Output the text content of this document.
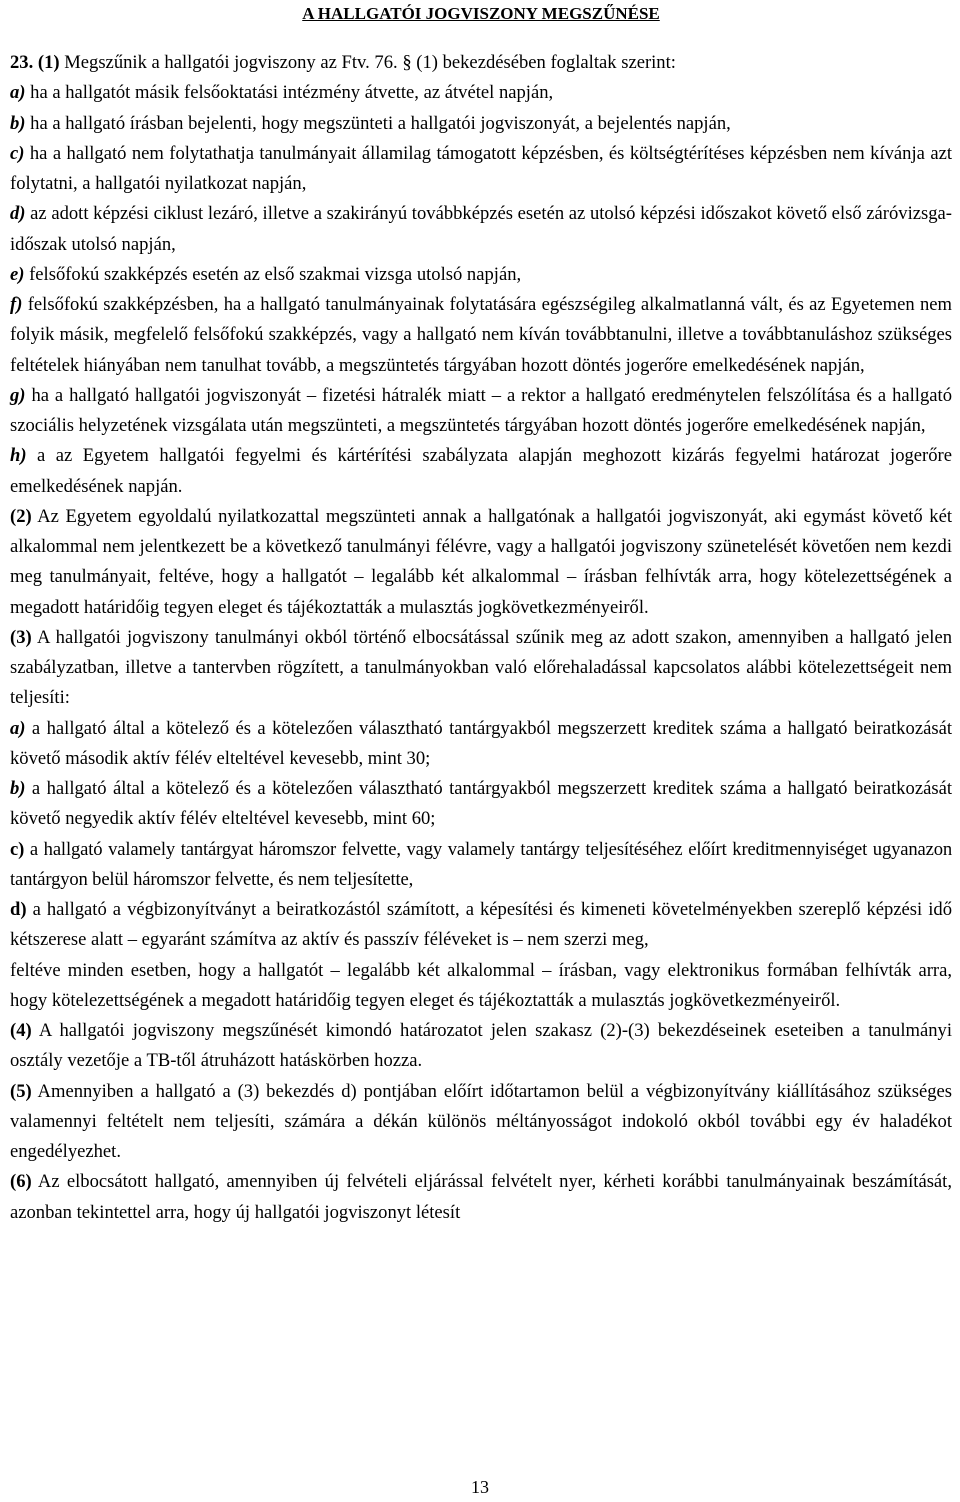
A HALLGATÓI JOGVISZONY MEGSZŰNÉSE

23. (1) Megszűnik a hallgatói jogviszony az Ftv. 76. § (1) bekezdésében foglaltak szerint:

a) ha a hallgatót másik felsőoktatási intézmény átvette, az átvétel napján,

b) ha a hallgató írásban bejelenti, hogy megszünteti a hallgatói jogviszonyát, a bejelentés napján,

c) ha a hallgató nem folytathatja tanulmányait államilag támogatott képzésben, és költségtérítéses képzésben nem kívánja azt folytatni, a hallgatói nyilatkozat napján,

d) az adott képzési ciklust lezáró, illetve a szakirányú továbbképzés esetén az utolsó képzési időszakot követő első záróvizsga-időszak utolsó napján,

e) felsőfokú szakképzés esetén az első szakmai vizsga utolsó napján,

f) felsőfokú szakképzésben, ha a hallgató tanulmányainak folytatására egészségileg alkalmatlanná vált, és az Egyetemen nem folyik másik, megfelelő felsőfokú szakképzés, vagy a hallgató nem kíván továbbtanulni, illetve a továbbtanuláshoz szükséges feltételek hiányában nem tanulhat tovább, a megszüntetés tárgyában hozott döntés jogerőre emelkedésének napján,

g) ha a hallgató hallgatói jogviszonyát – fizetési hátralék miatt – a rektor a hallgató eredménytelen felszólítása és a hallgató szociális helyzetének vizsgálata után megszünteti, a megszüntetés tárgyában hozott döntés jogerőre emelkedésének napján,

h) a az Egyetem hallgatói fegyelmi és kártérítési szabályzata alapján meghozott kizárás fegyelmi határozat jogerőre emelkedésének napján.

(2) Az Egyetem egyoldalú nyilatkozattal megszünteti annak a hallgatónak a hallgatói jogviszonyát, aki egymást követő két alkalommal nem jelentkezett be a következő tanulmányi félévre, vagy a hallgatói jogviszony szünetelését követően nem kezdi meg tanulmányait, feltéve, hogy a hallgatót – legalább két alkalommal – írásban felhívták arra, hogy kötelezettségének a megadott határidőig tegyen eleget és tájékoztatták a mulasztás jogkövetkezményeiről.

(3) A hallgatói jogviszony tanulmányi okból történő elbocsátással szűnik meg az adott szakon, amennyiben a hallgató jelen szabályzatban, illetve a tantervben rögzített, a tanulmányokban való előrehaladással kapcsolatos alábbi kötelezettségeit nem teljesíti:

a) a hallgató által a kötelező és a kötelezően választható tantárgyakból megszerzett kreditek száma a hallgató beiratkozását követő második aktív félév elteltével kevesebb, mint 30;

b) a hallgató által a kötelező és a kötelezően választható tantárgyakból megszerzett kreditek száma a hallgató beiratkozását követő negyedik aktív félév elteltével kevesebb, mint 60;

c) a hallgató valamely tantárgyat háromszor felvette, vagy valamely tantárgy teljesítéséhez előírt kreditmennyiséget ugyanazon tantárgyon belül háromszor felvette, és nem teljesítette,

d) a hallgató a végbizonyítványt a beiratkozástól számított, a képesítési és kimeneti követelményekben szereplő képzési idő kétszerese alatt – egyaránt számítva az aktív és passzív féléveket is – nem szerzi meg,

feltéve minden esetben, hogy a hallgatót – legalább két alkalommal – írásban, vagy elektronikus formában felhívták arra, hogy kötelezettségének a megadott határidőig tegyen eleget és tájékoztatták a mulasztás jogkövetkezményeiről.

(4) A hallgatói jogviszony megszűnését kimondó határozatot jelen szakasz (2)-(3) bekezdéseinek eseteiben a tanulmányi osztály vezetője a TB-től átruházott hatáskörben hozza.

(5) Amennyiben a hallgató a (3) bekezdés d) pontjában előírt időtartamon belül a végbizonyítvány kiállításához szükséges valamennyi feltételt nem teljesíti, számára a dékán különös méltányosságot indokoló okból további egy év haladékot engedélyezhet.

(6) Az elbocsátott hallgató, amennyiben új felvételi eljárással felvételt nyer, kérheti korábbi tanulmányainak beszámítását, azonban tekintettel arra, hogy új hallgatói jogviszonyt létesít

13
